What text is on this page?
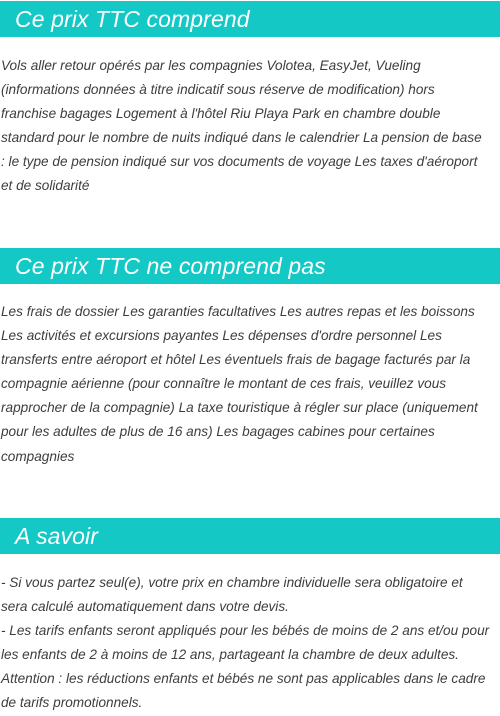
Ce prix TTC comprend

Vols aller retour opérés par les compagnies Volotea, EasyJet, Vueling
(informations données à titre indicatif sous réserve de modification) hors
franchise bagages Logement à l'hôtel Riu Playa Park en chambre double
standard pour le nombre de nuits indiqué dans le calendrier La pension de base
: le type de pension indiqué sur vos documents de voyage Les taxes d'aéroport
et de solidarité

Ce prix TTC ne comprend pas

Les frais de dossier Les garanties facultatives Les autres repas et les boissons
Les activités et excursions payantes Les dépenses d'ordre personnel Les
transferts entre aéroport et hôtel Les éventuels frais de bagage facturés par la
compagnie aérienne (pour connaître le montant de ces frais, veuillez vous
rapprocher de la compagnie) La taxe touristique à régler sur place (uniquement
pour les adultes de plus de 16 ans) Les bagages cabines pour certaines
compagnies

A savoir

- Si vous partez seul(e), votre prix en chambre individuelle sera obligatoire et
sera calculé automatiquement dans votre devis.
- Les tarifs enfants seront appliqués pour les bébés de moins de 2 ans et/ou pour
les enfants de 2 à moins de 12 ans, partageant la chambre de deux adultes.
Attention : les réductions enfants et bébés ne sont pas applicables dans le cadre
de tarifs promotionnels.
